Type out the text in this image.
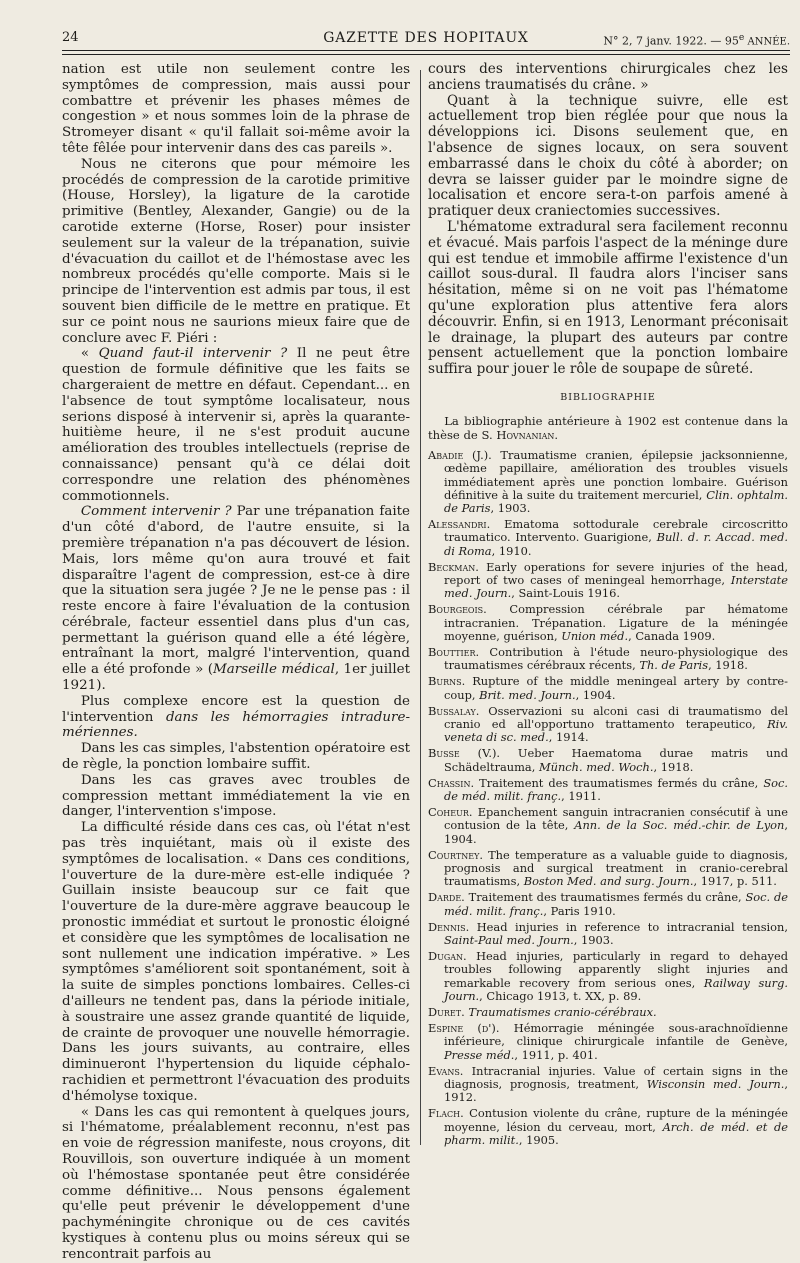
24	GAZETTE DES HOPITAUX	N° 2, 7 janv. 1922. — 95e ANNÉE.

nation est utile non seulement contre les symptômes de compression, mais aussi pour combattre et prévenir les phases mêmes de congestion » et nous sommes loin de la phrase de Stromeyer disant « qu'il fallait soi-même avoir la tête fêlée pour intervenir dans des cas pareils ».

Nous ne citerons que pour mémoire les procédés de compression de la carotide primitive (House, Horsley), la ligature de la carotide primitive (Bentley, Alexander, Gangie) ou de la carotide externe (Horse, Roser) pour insister seulement sur la valeur de la trépanation, suivie d'évacuation du caillot et de l'hémostase avec les nombreux procédés qu'elle comporte. Mais si le principe de l'intervention est admis par tous, il est souvent bien difficile de le mettre en pratique. Et sur ce point nous ne saurions mieux faire que de conclure avec F. Piéri :

« Quand faut-il intervenir ? Il ne peut être question de formule définitive que les faits se chargeraient de mettre en défaut. Cependant... en l'absence de tout symptôme localisateur, nous serions disposé à intervenir si, après la quarante-huitième heure, il ne s'est produit aucune amélioration des troubles intellectuels (reprise de connaissance) pensant qu'à ce délai doit correspondre une relation des phénomènes commotionnels.

Comment intervenir ? Par une trépanation faite d'un côté d'abord, de l'autre ensuite, si la première trépanation n'a pas découvert de lésion. Mais, lors même qu'on aura trouvé et fait disparaître l'agent de compression, est-ce à dire que la situation sera jugée ? Je ne le pense pas : il reste encore à faire l'évaluation de la contusion cérébrale, facteur essentiel dans plus d'un cas, permettant la guérison quand elle a été légère, entraînant la mort, malgré l'intervention, quand elle a été profonde » (Marseille médical, 1er juillet 1921).

Plus complexe encore est la question de l'intervention dans les hémorragies intradure-mériennes.

Dans les cas simples, l'abstention opératoire est de règle, la ponction lombaire suffit.

Dans les cas graves avec troubles de compression mettant immédiatement la vie en danger, l'intervention s'impose.

La difficulté réside dans ces cas, où l'état n'est pas très inquiétant, mais où il existe des symptômes de localisation. « Dans ces conditions, l'ouverture de la dure-mère est-elle indiquée ? Guillain insiste beaucoup sur ce fait que l'ouverture de la dure-mère aggrave beaucoup le pronostic immédiat et surtout le pronostic éloigné et considère que les symptômes de localisation ne sont nullement une indication impérative. » Les symptômes s'améliorent soit spontanément, soit à la suite de simples ponctions lombaires. Celles-ci d'ailleurs ne tendent pas, dans la période initiale, à soustraire une assez grande quantité de liquide, de crainte de provoquer une nouvelle hémorragie. Dans les jours suivants, au contraire, elles diminueront l'hypertension du liquide céphalo-rachidien et permettront l'évacuation des produits d'hémolyse toxique.

« Dans les cas qui remontent à quelques jours, si l'hématome, préalablement reconnu, n'est pas en voie de régression manifeste, nous croyons, dit Rouvillois, son ouverture indiquée à un moment où l'hémostase spontanée peut être considérée comme définitive... Nous pensons également qu'elle peut prévenir le développement d'une pachyméningite chronique ou de ces cavités kystiques à contenu plus ou moins séreux qui se rencontrait parfois au

cours des interventions chirurgicales chez les anciens traumatisés du crâne. »

Quant à la technique suivre, elle est actuellement trop bien réglée pour que nous la développions ici. Disons seulement que, en l'absence de signes locaux, on sera souvent embarrassé dans le choix du côté à aborder; on devra se laisser guider par le moindre signe de localisation et encore sera-t-on parfois amené à pratiquer deux craniectomies successives.

L'hématome extradural sera facilement reconnu et évacué. Mais parfois l'aspect de la méninge dure qui est tendue et immobile affirme l'existence d'un caillot sous-dural. Il faudra alors l'inciser sans hésitation, même si on ne voit pas l'hématome qu'une exploration plus attentive fera alors découvrir. Enfin, si en 1913, Lenormant préconisait le drainage, la plupart des auteurs par contre pensent actuellement que la ponction lombaire suffira pour jouer le rôle de soupape de sûreté.

BIBLIOGRAPHIE

La bibliographie antérieure à 1902 est contenue dans la thèse de S. Hovnanian.

Abadie (J.). Traumatisme cranien, épilepsie jacksonnienne, œdème papillaire, amélioration des troubles visuels immédiatement après une ponction lombaire. Guérison définitive à la suite du traitement mercuriel, Clin. ophtalm. de Paris, 1903.

Alessandri. Ematoma sottodurale cerebrale circoscritto traumatico. Intervento. Guarigione, Bull. d. r. Accad. med. di Roma, 1910.

Beckman. Early operations for severe injuries of the head, report of two cases of meningeal hemorrhage, Interstate med. Journ., Saint-Louis 1916.

Bourgeois. Compression cérébrale par hématome intracranien. Trépanation. Ligature de la méningée moyenne, guérison, Union méd., Canada 1909.

Bouttier. Contribution à l'étude neuro-physiologique des traumatismes cérébraux récents, Th. de Paris, 1918.

Burns. Rupture of the middle meningeal artery by contre-coup, Brit. med. Journ., 1904.

Bussalay. Osservazioni su alconi casi di traumatismo del cranio ed all'opportuno trattamento terapeutico, Riv. veneta di sc. med., 1914.

Busse (V.). Ueber Haematoma durae matris und Schädeltrauma, Münch. med. Woch., 1918.

Chassin. Traitement des traumatismes fermés du crâne, Soc. de méd. milit. franç., 1911.

Coheur. Epanchement sanguin intracranien consécutif à une contusion de la tête, Ann. de la Soc. méd.-chir. de Lyon, 1904.

Courtney. The temperature as a valuable guide to diagnosis, prognosis and surgical treatment in cranio-cerebral traumatisms, Boston Med. and surg. Journ., 1917, p. 511.

Darde. Traitement des traumatismes fermés du crâne, Soc. de méd. milit. franç., Paris 1910.

Dennis. Head injuries in reference to intracranial tension, Saint-Paul med. Journ., 1903.

Dugan. Head injuries, particularly in regard to dehayed troubles following apparently slight injuries and remarkable recovery from serious ones, Railway surg. Journ., Chicago 1913, t. XX, p. 89.

Duret. Traumatismes cranio-cérébraux.

Espine (d'). Hémorragie méningée sous-arachnoïdienne inférieure, clinique chirurgicale infantile de Genève, Presse méd., 1911, p. 401.

Evans. Intracranial injuries. Value of certain signs in the diagnosis, prognosis, treatment, Wisconsin med. Journ., 1912.

Flach. Contusion violente du crâne, rupture de la méningée moyenne, lésion du cerveau, mort, Arch. de méd. et de pharm. milit., 1905.
